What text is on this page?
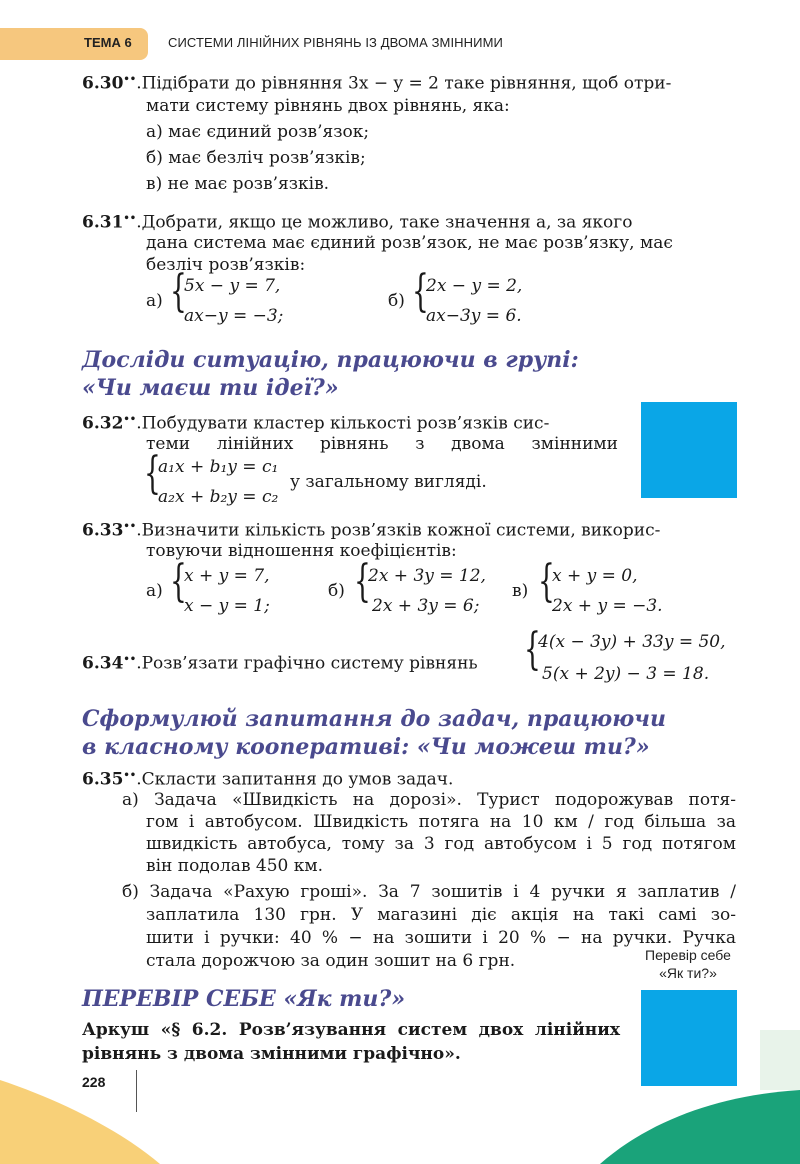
ТЕМА 6	СИСТЕМИ ЛІНІЙНИХ РІВНЯНЬ ІЗ ДВОМА ЗМІННИМИ
6.30••.Підібрати до рівняння 3x − y = 2 таке рівняння, щоб отри-
мати систему рівнянь двох рівнянь, яка:
а) має єдиний розв’язок;
б) має безліч розв’язків;
в) не має розв’язків.
6.31••.Добрати, якщо це можливо, таке значення a, за якого
дана система має єдиний розв’язок, не має розв’язку, має
безліч розв’язків:
а) {
5x − y = 7,
ax−y = −3;
б) {
2x − y = 2,
ax−3y = 6.
Досліди ситуацію, працюючи в групі:
«Чи маєш ти ідеї?»
6.32••.Побудувати кластер кількості розв’язків сис-
теми лінійних рівнянь з двома змінними
{
a₁x + b₁y = c₁
a₂x + b₂y = c₂
у загальному вигляді.
6.33••.Визначити кількість розв’язків кожної системи, викорис-
товуючи відношення коефіцієнтів:
а) {
x + y = 7,
x − y = 1;
б) {
2x + 3y = 12,
2x + 3y = 6;
в) {
x + y = 0,
2x + y = −3.
6.34••.Розв’язати графічно систему рівнянь {
4(x − 3y) + 33y = 50,
5(x + 2y) − 3 = 18.
Сформулюй запитання до задач, працюючи
в класному кооперативі: «Чи можеш ти?»
6.35••.Скласти запитання до умов задач.
а) Задача «Швидкість на дорозі». Турист подорожував потя-
гом і автобусом. Швидкість потяга на 10 км / год більша за
швидкість автобуса, тому за 3 год автобусом і 5 год потягом
він подолав 450 км.
б) Задача «Рахую гроші». За 7 зошитів і 4 ручки я заплатив /
заплатила 130 грн. У магазині діє акція на такі самі зо-
шити і ручки: 40 % − на зошити і 20 % − на ручки. Ручка
стала дорожчою за один зошит на 6 грн.	Перевір себе
«Як ти?»
ПЕРЕВІР СЕБЕ «Як ти?»
Аркуш «§ 6.2. Розв’язування систем двох лінійних
рівнянь з двома змінними графічно».
228
